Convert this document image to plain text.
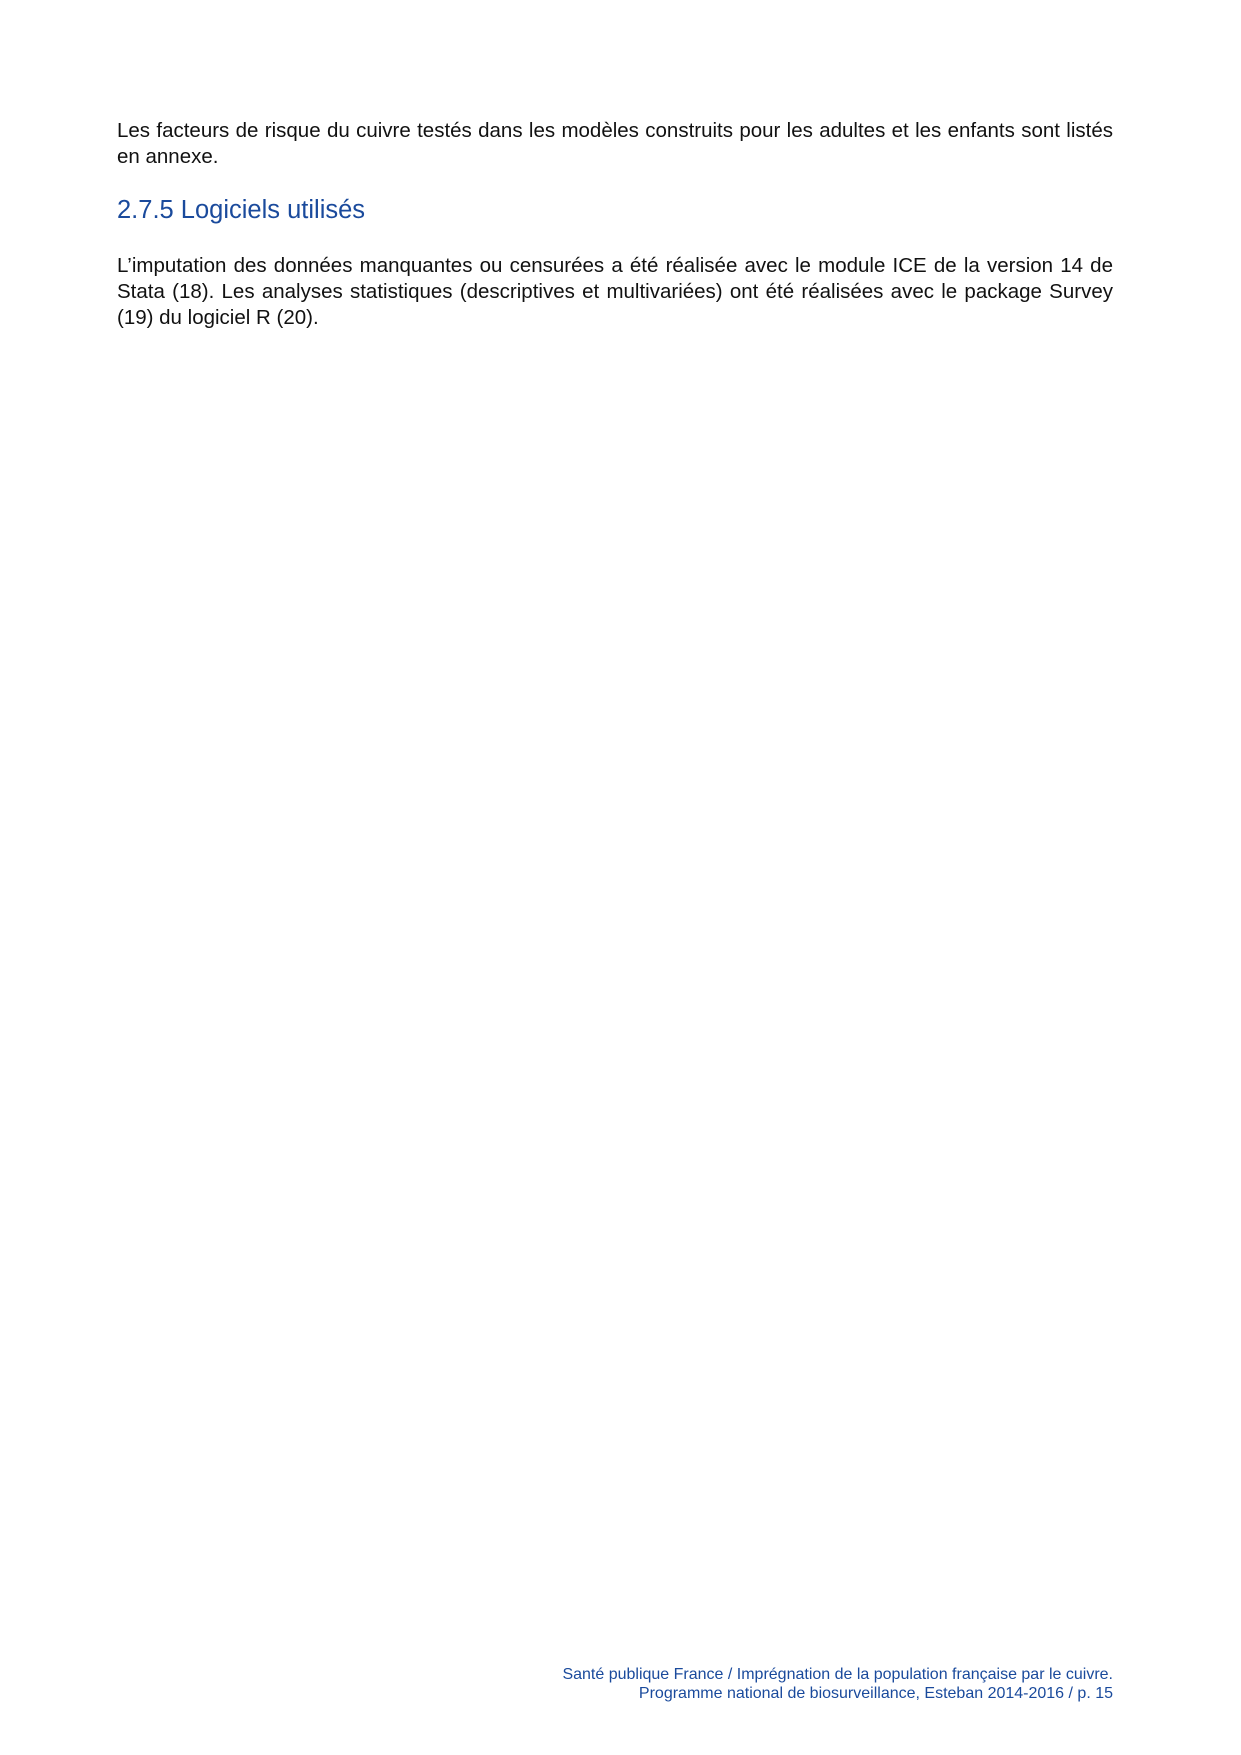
Les facteurs de risque du cuivre testés dans les modèles construits pour les adultes et les enfants sont listés en annexe.

2.7.5 Logiciels utilisés

L’imputation des données manquantes ou censurées a été réalisée avec le module ICE de la version 14 de Stata (18). Les analyses statistiques (descriptives et multivariées) ont été réalisées avec le package Survey (19) du logiciel R (20).

Santé publique France / Imprégnation de la population française par le cuivre.
Programme national de biosurveillance, Esteban 2014-2016 / p. 15
